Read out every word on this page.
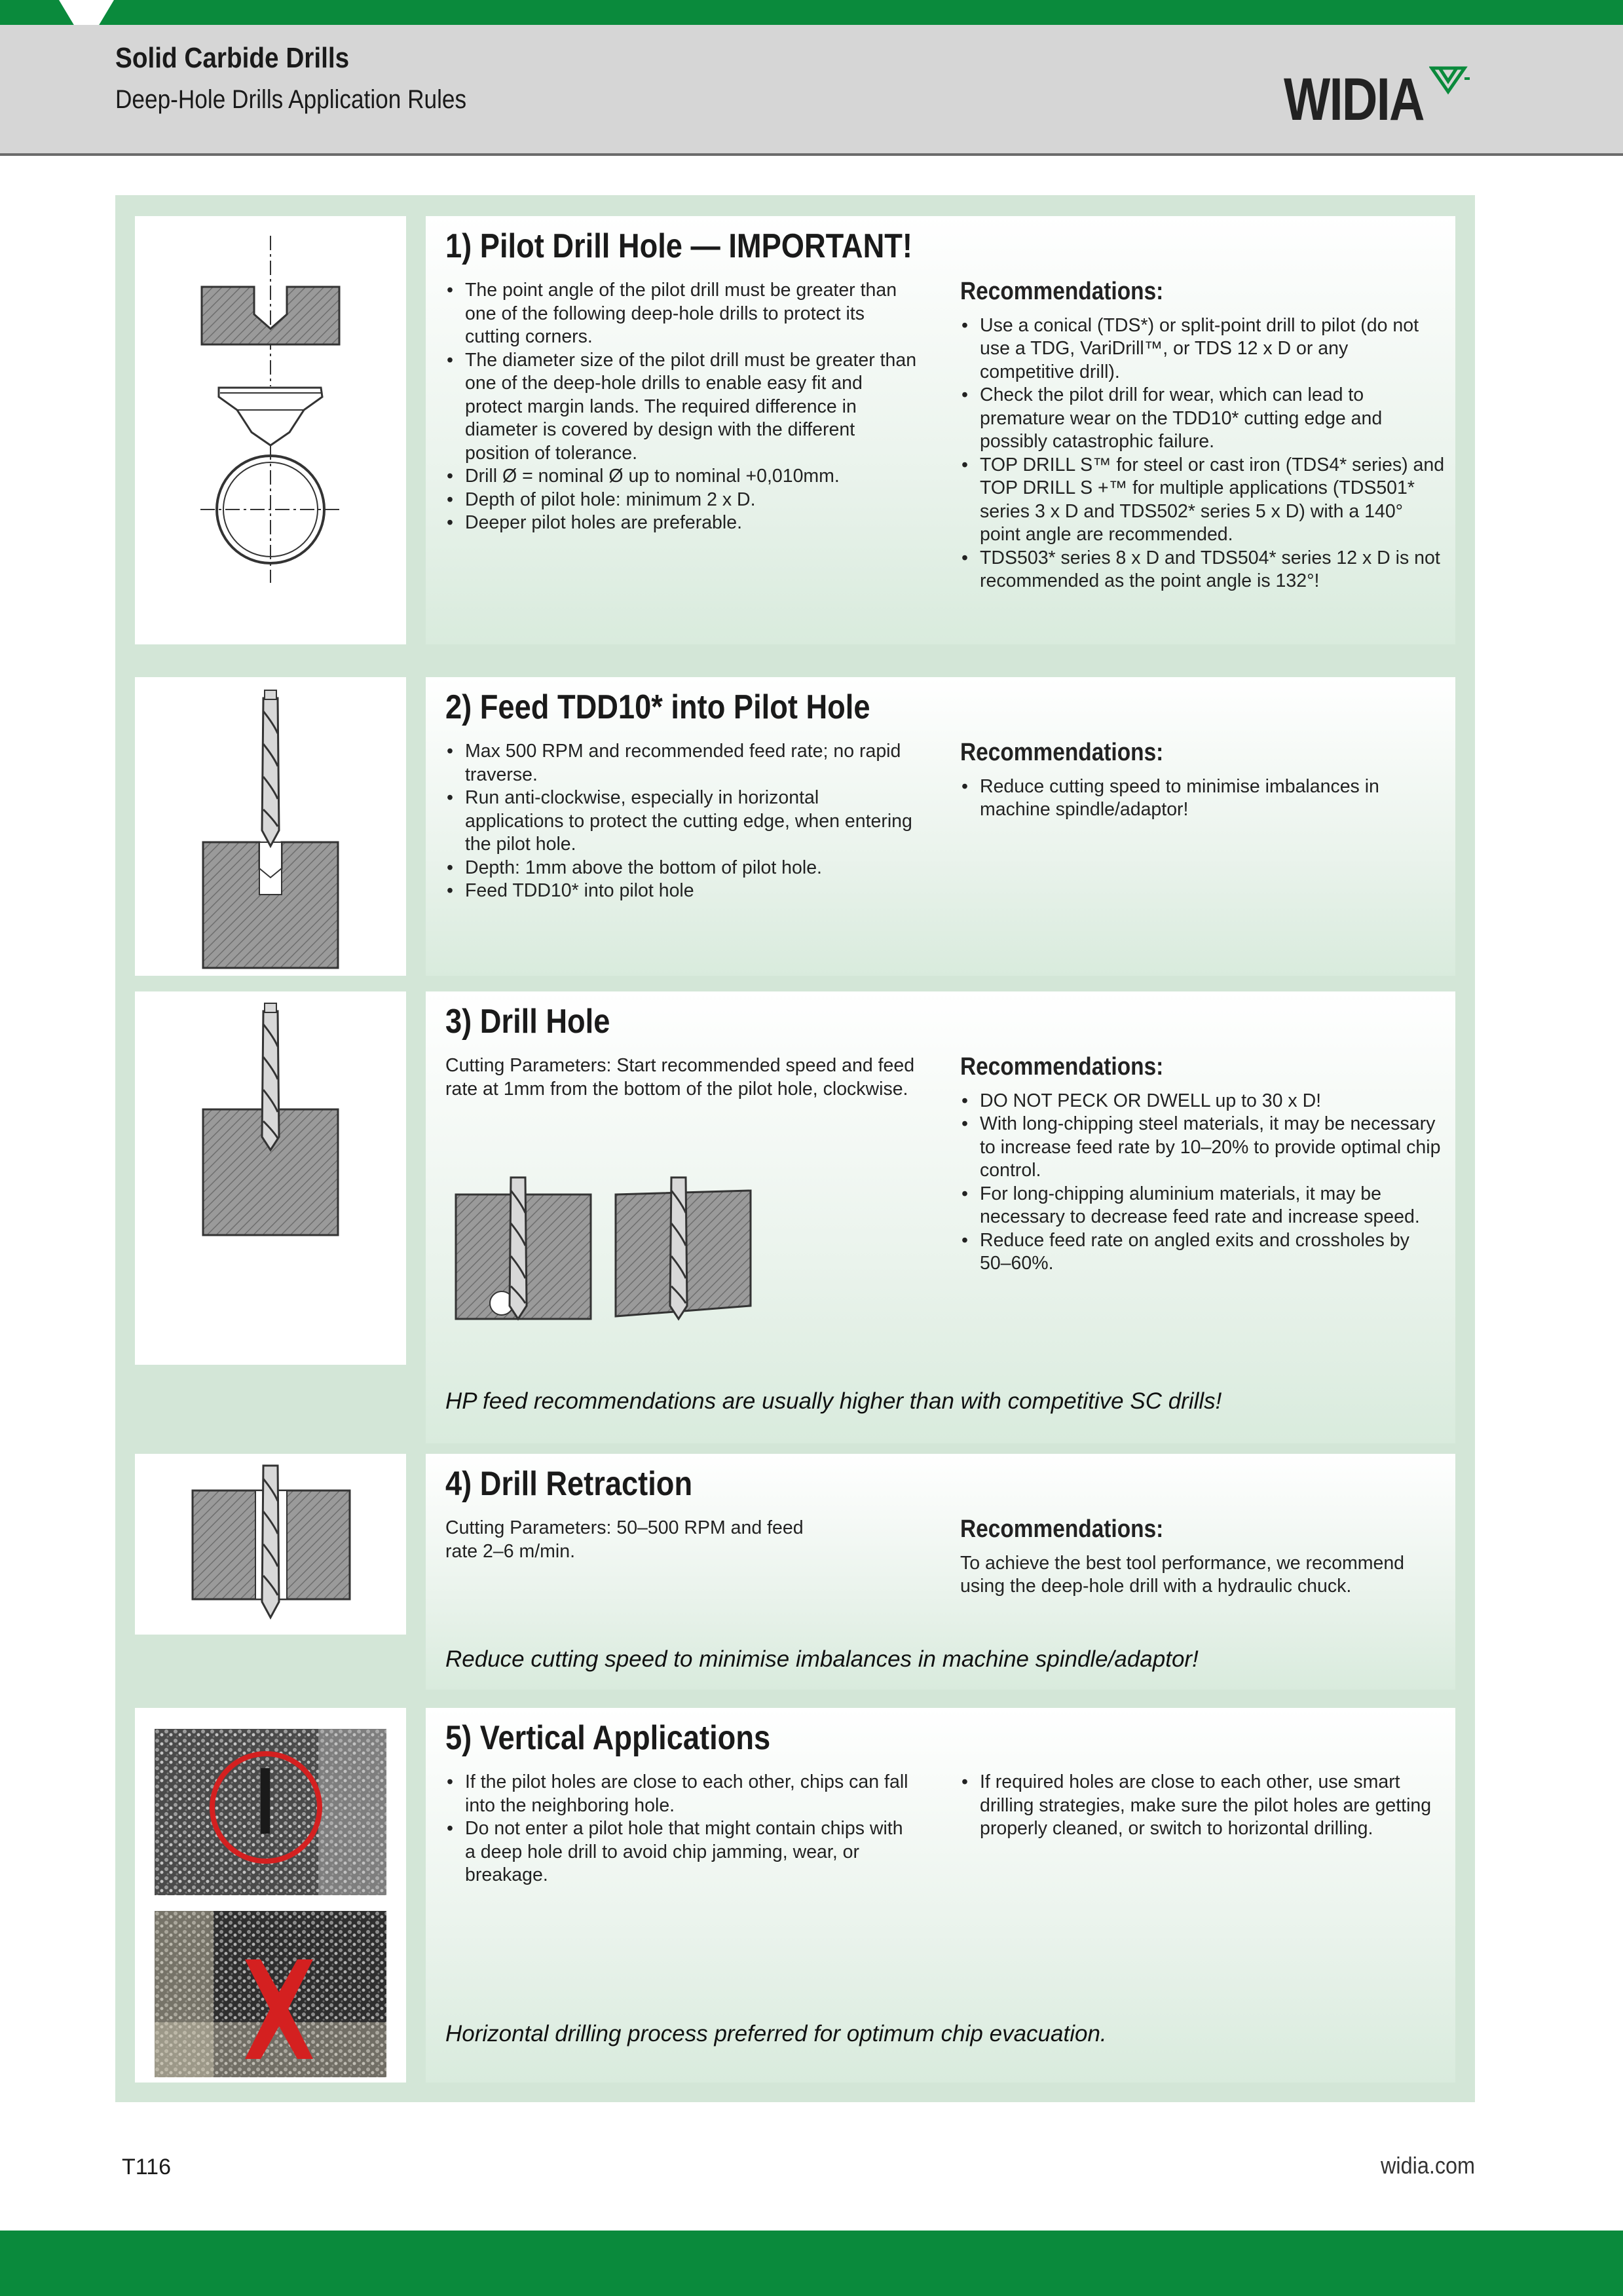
Solid Carbide Drills
Deep-Hole Drills Application Rules	WIDIA
1) Pilot Drill Hole — IMPORTANT!
• The point angle of the pilot drill must be greater than one of the following deep-hole drills to protect its cutting corners.
• The diameter size of the pilot drill must be greater than one of the deep-hole drills to enable easy fit and protect margin lands. The required difference in diameter is covered by design with the different position of tolerance.
• Drill Ø = nominal Ø up to nominal +0,010mm.
• Depth of pilot hole: minimum 2 x D.
• Deeper pilot holes are preferable.
Recommendations:
• Use a conical (TDS*) or split-point drill to pilot (do not use a TDG, VariDrill™, or TDS 12 x D or any competitive drill).
• Check the pilot drill for wear, which can lead to premature wear on the TDD10* cutting edge and possibly catastrophic failure.
• TOP DRILL S™ for steel or cast iron (TDS4* series) and TOP DRILL S +™ for multiple applications (TDS501* series 3 x D and TDS502* series 5 x D) with a 140° point angle are recommended.
• TDS503* series 8 x D and TDS504* series 12 x D is not recommended as the point angle is 132°!
2) Feed TDD10* into Pilot Hole
• Max 500 RPM and recommended feed rate; no rapid traverse.
• Run anti-clockwise, especially in horizontal applications to protect the cutting edge, when entering the pilot hole.
• Depth: 1mm above the bottom of pilot hole.
• Feed TDD10* into pilot hole
Recommendations:
• Reduce cutting speed to minimise imbalances in machine spindle/adaptor!
3) Drill Hole
Cutting Parameters: Start recommended speed and feed rate at 1mm from the bottom of the pilot hole, clockwise.
Recommendations:
• DO NOT PECK OR DWELL up to 30 x D!
• With long-chipping steel materials, it may be necessary to increase feed rate by 10–20% to provide optimal chip control.
• For long-chipping aluminium materials, it may be necessary to decrease feed rate and increase speed.
• Reduce feed rate on angled exits and crossholes by 50–60%.
HP feed recommendations are usually higher than with competitive SC drills!
4) Drill Retraction
Cutting Parameters: 50–500 RPM and feed rate 2–6 m/min.
Recommendations:
To achieve the best tool performance, we recommend using the deep-hole drill with a hydraulic chuck.
Reduce cutting speed to minimise imbalances in machine spindle/adaptor!
5) Vertical Applications
• If the pilot holes are close to each other, chips can fall into the neighboring hole.
• Do not enter a pilot hole that might contain chips with a deep hole drill to avoid chip jamming, wear, or breakage.
• If required holes are close to each other, use smart drilling strategies, make sure the pilot holes are getting properly cleaned, or switch to horizontal drilling.
Horizontal drilling process preferred for optimum chip evacuation.
T116	widia.com
